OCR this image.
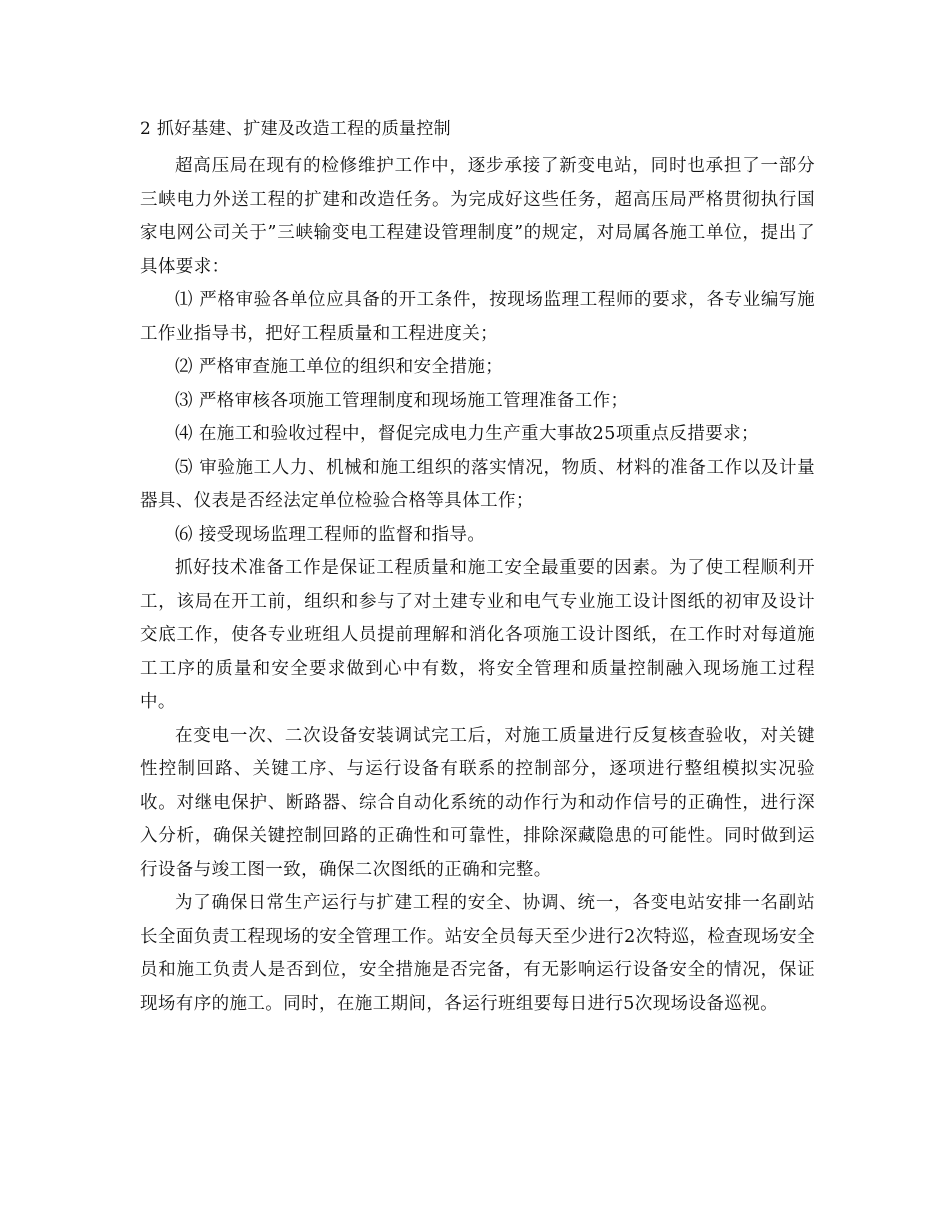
2 抓好基建、扩建及改造工程的质量控制

超高压局在现有的检修维护工作中，逐步承接了新变电站，同时也承担了一部分三峡电力外送工程的扩建和改造任务。为完成好这些任务，超高压局严格贯彻执行国家电网公司关于”三峡输变电工程建设管理制度”的规定，对局属各施工单位，提出了具体要求：

⑴ 严格审验各单位应具备的开工条件，按现场监理工程师的要求，各专业编写施工作业指导书，把好工程质量和工程进度关；

⑵ 严格审查施工单位的组织和安全措施；

⑶ 严格审核各项施工管理制度和现场施工管理准备工作；

⑷ 在施工和验收过程中，督促完成电力生产重大事故25项重点反措要求；

⑸ 审验施工人力、机械和施工组织的落实情况，物质、材料的准备工作以及计量器具、仪表是否经法定单位检验合格等具体工作；

⑹ 接受现场监理工程师的监督和指导。

抓好技术准备工作是保证工程质量和施工安全最重要的因素。为了使工程顺利开工，该局在开工前，组织和参与了对土建专业和电气专业施工设计图纸的初审及设计交底工作，使各专业班组人员提前理解和消化各项施工设计图纸，在工作时对每道施工工序的质量和安全要求做到心中有数，将安全管理和质量控制融入现场施工过程中。

在变电一次、二次设备安装调试完工后，对施工质量进行反复核查验收，对关键性控制回路、关键工序、与运行设备有联系的控制部分，逐项进行整组模拟实况验收。对继电保护、断路器、综合自动化系统的动作行为和动作信号的正确性，进行深入分析，确保关键控制回路的正确性和可靠性，排除深藏隐患的可能性。同时做到运行设备与竣工图一致，确保二次图纸的正确和完整。

为了确保日常生产运行与扩建工程的安全、协调、统一，各变电站安排一名副站长全面负责工程现场的安全管理工作。站安全员每天至少进行2次特巡，检查现场安全员和施工负责人是否到位，安全措施是否完备，有无影响运行设备安全的情况，保证现场有序的施工。同时，在施工期间，各运行班组要每日进行5次现场设备巡视。
